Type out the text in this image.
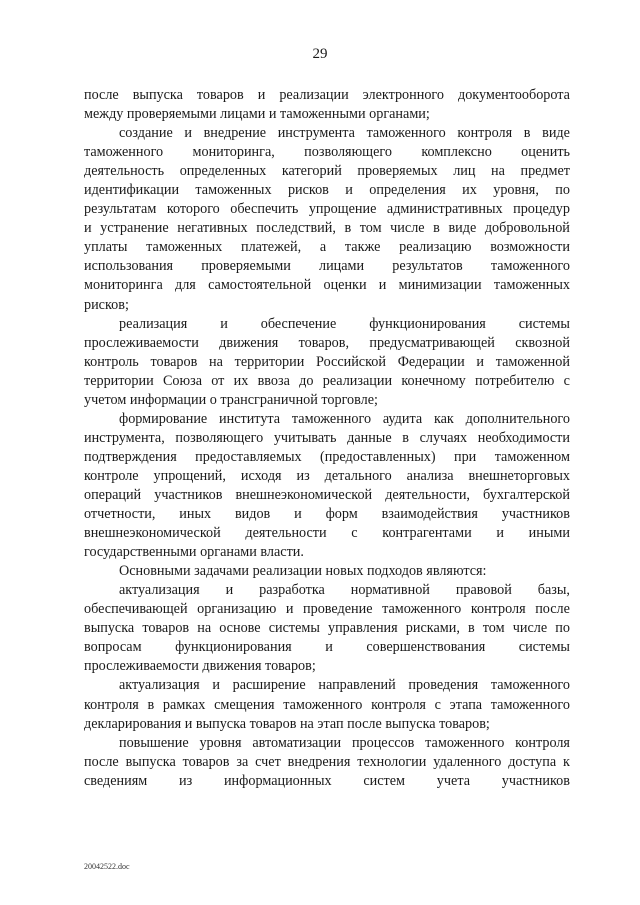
29
после выпуска товаров и реализации электронного документооборота
между проверяемыми лицами и таможенными органами;
создание и внедрение инструмента таможенного контроля в виде
таможенного мониторинга, позволяющего комплексно оценить
деятельность определенных категорий проверяемых лиц на предмет
идентификации таможенных рисков и определения их уровня, по
результатам которого обеспечить упрощение административных процедур
и устранение негативных последствий, в том числе в виде добровольной
уплаты таможенных платежей, а также реализацию возможности
использования проверяемыми лицами результатов таможенного
мониторинга для самостоятельной оценки и минимизации таможенных
рисков;
реализация и обеспечение функционирования системы
прослеживаемости движения товаров, предусматривающей сквозной
контроль товаров на территории Российской Федерации и таможенной
территории Союза от их ввоза до реализации конечному потребителю с
учетом информации о трансграничной торговле;
формирование института таможенного аудита как дополнительного
инструмента, позволяющего учитывать данные в случаях необходимости
подтверждения предоставляемых (предоставленных) при таможенном
контроле упрощений, исходя из детального анализа внешнеторговых
операций участников внешнеэкономической деятельности, бухгалтерской
отчетности, иных видов и форм взаимодействия участников
внешнеэкономической деятельности с контрагентами и иными
государственными органами власти.
Основными задачами реализации новых подходов являются:
актуализация и разработка нормативной правовой базы,
обеспечивающей организацию и проведение таможенного контроля после
выпуска товаров на основе системы управления рисками, в том числе по
вопросам функционирования и совершенствования системы
прослеживаемости движения товаров;
актуализация и расширение направлений проведения таможенного
контроля в рамках смещения таможенного контроля с этапа таможенного
декларирования и выпуска товаров на этап после выпуска товаров;
повышение уровня автоматизации процессов таможенного контроля
после выпуска товаров за счет внедрения технологии удаленного доступа к
сведениям из информационных систем учета участников
20042522.doc
